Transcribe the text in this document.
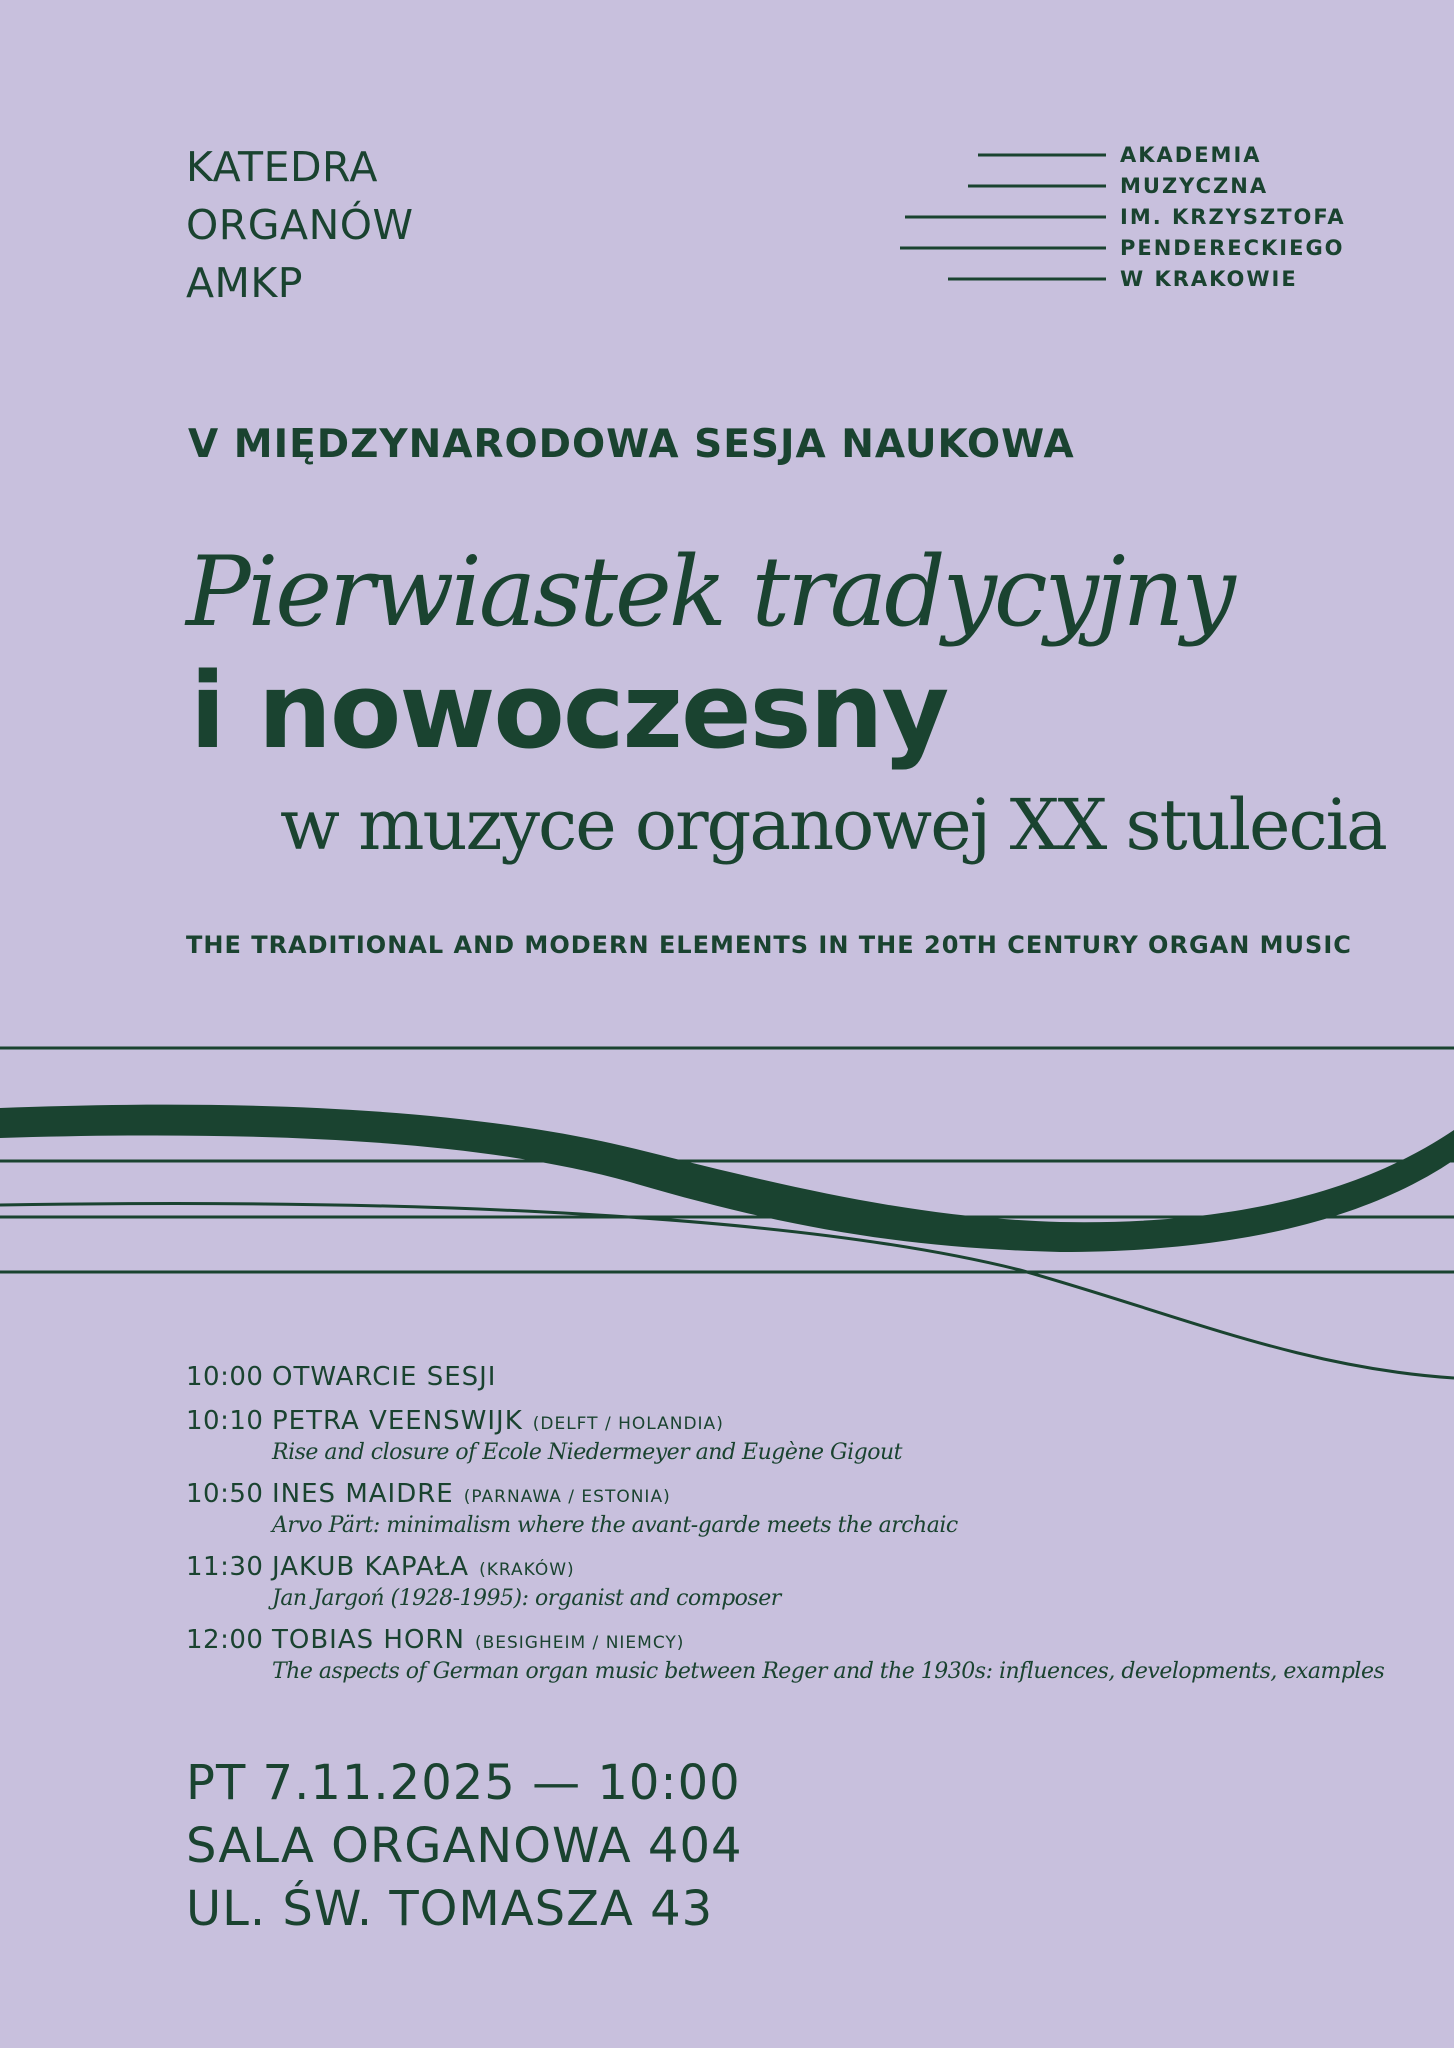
KATEDRA
ORGANÓW
AMKP
AKADEMIA
MUZYCZNA
IM. KRZYSZTOFA
PENDERECKIEGO
W KRAKOWIE
V MIĘDZYNARODOWA SESJA NAUKOWA
Pierwiastek tradycyjny
i nowoczesny
w muzyce organowej XX stulecia
THE TRADITIONAL AND MODERN ELEMENTS IN THE 20TH CENTURY ORGAN MUSIC
10:00 OTWARCIE SESJI
10:10 PETRA VEENSWIJK (DELFT / HOLANDIA)
Rise and closure of Ecole Niedermeyer and Eugène Gigout
10:50 INES MAIDRE (PARNAWA / ESTONIA)
Arvo Pärt: minimalism where the avant-garde meets the archaic
11:30 JAKUB KAPAŁA (KRAKÓW)
Jan Jargoń (1928-1995): organist and composer
12:00 TOBIAS HORN (BESIGHEIM / NIEMCY)
The aspects of German organ music between Reger and the 1930s: influences, developments, examples
PT 7.11.2025 — 10:00
SALA ORGANOWA 404
UL. ŚW. TOMASZA 43
